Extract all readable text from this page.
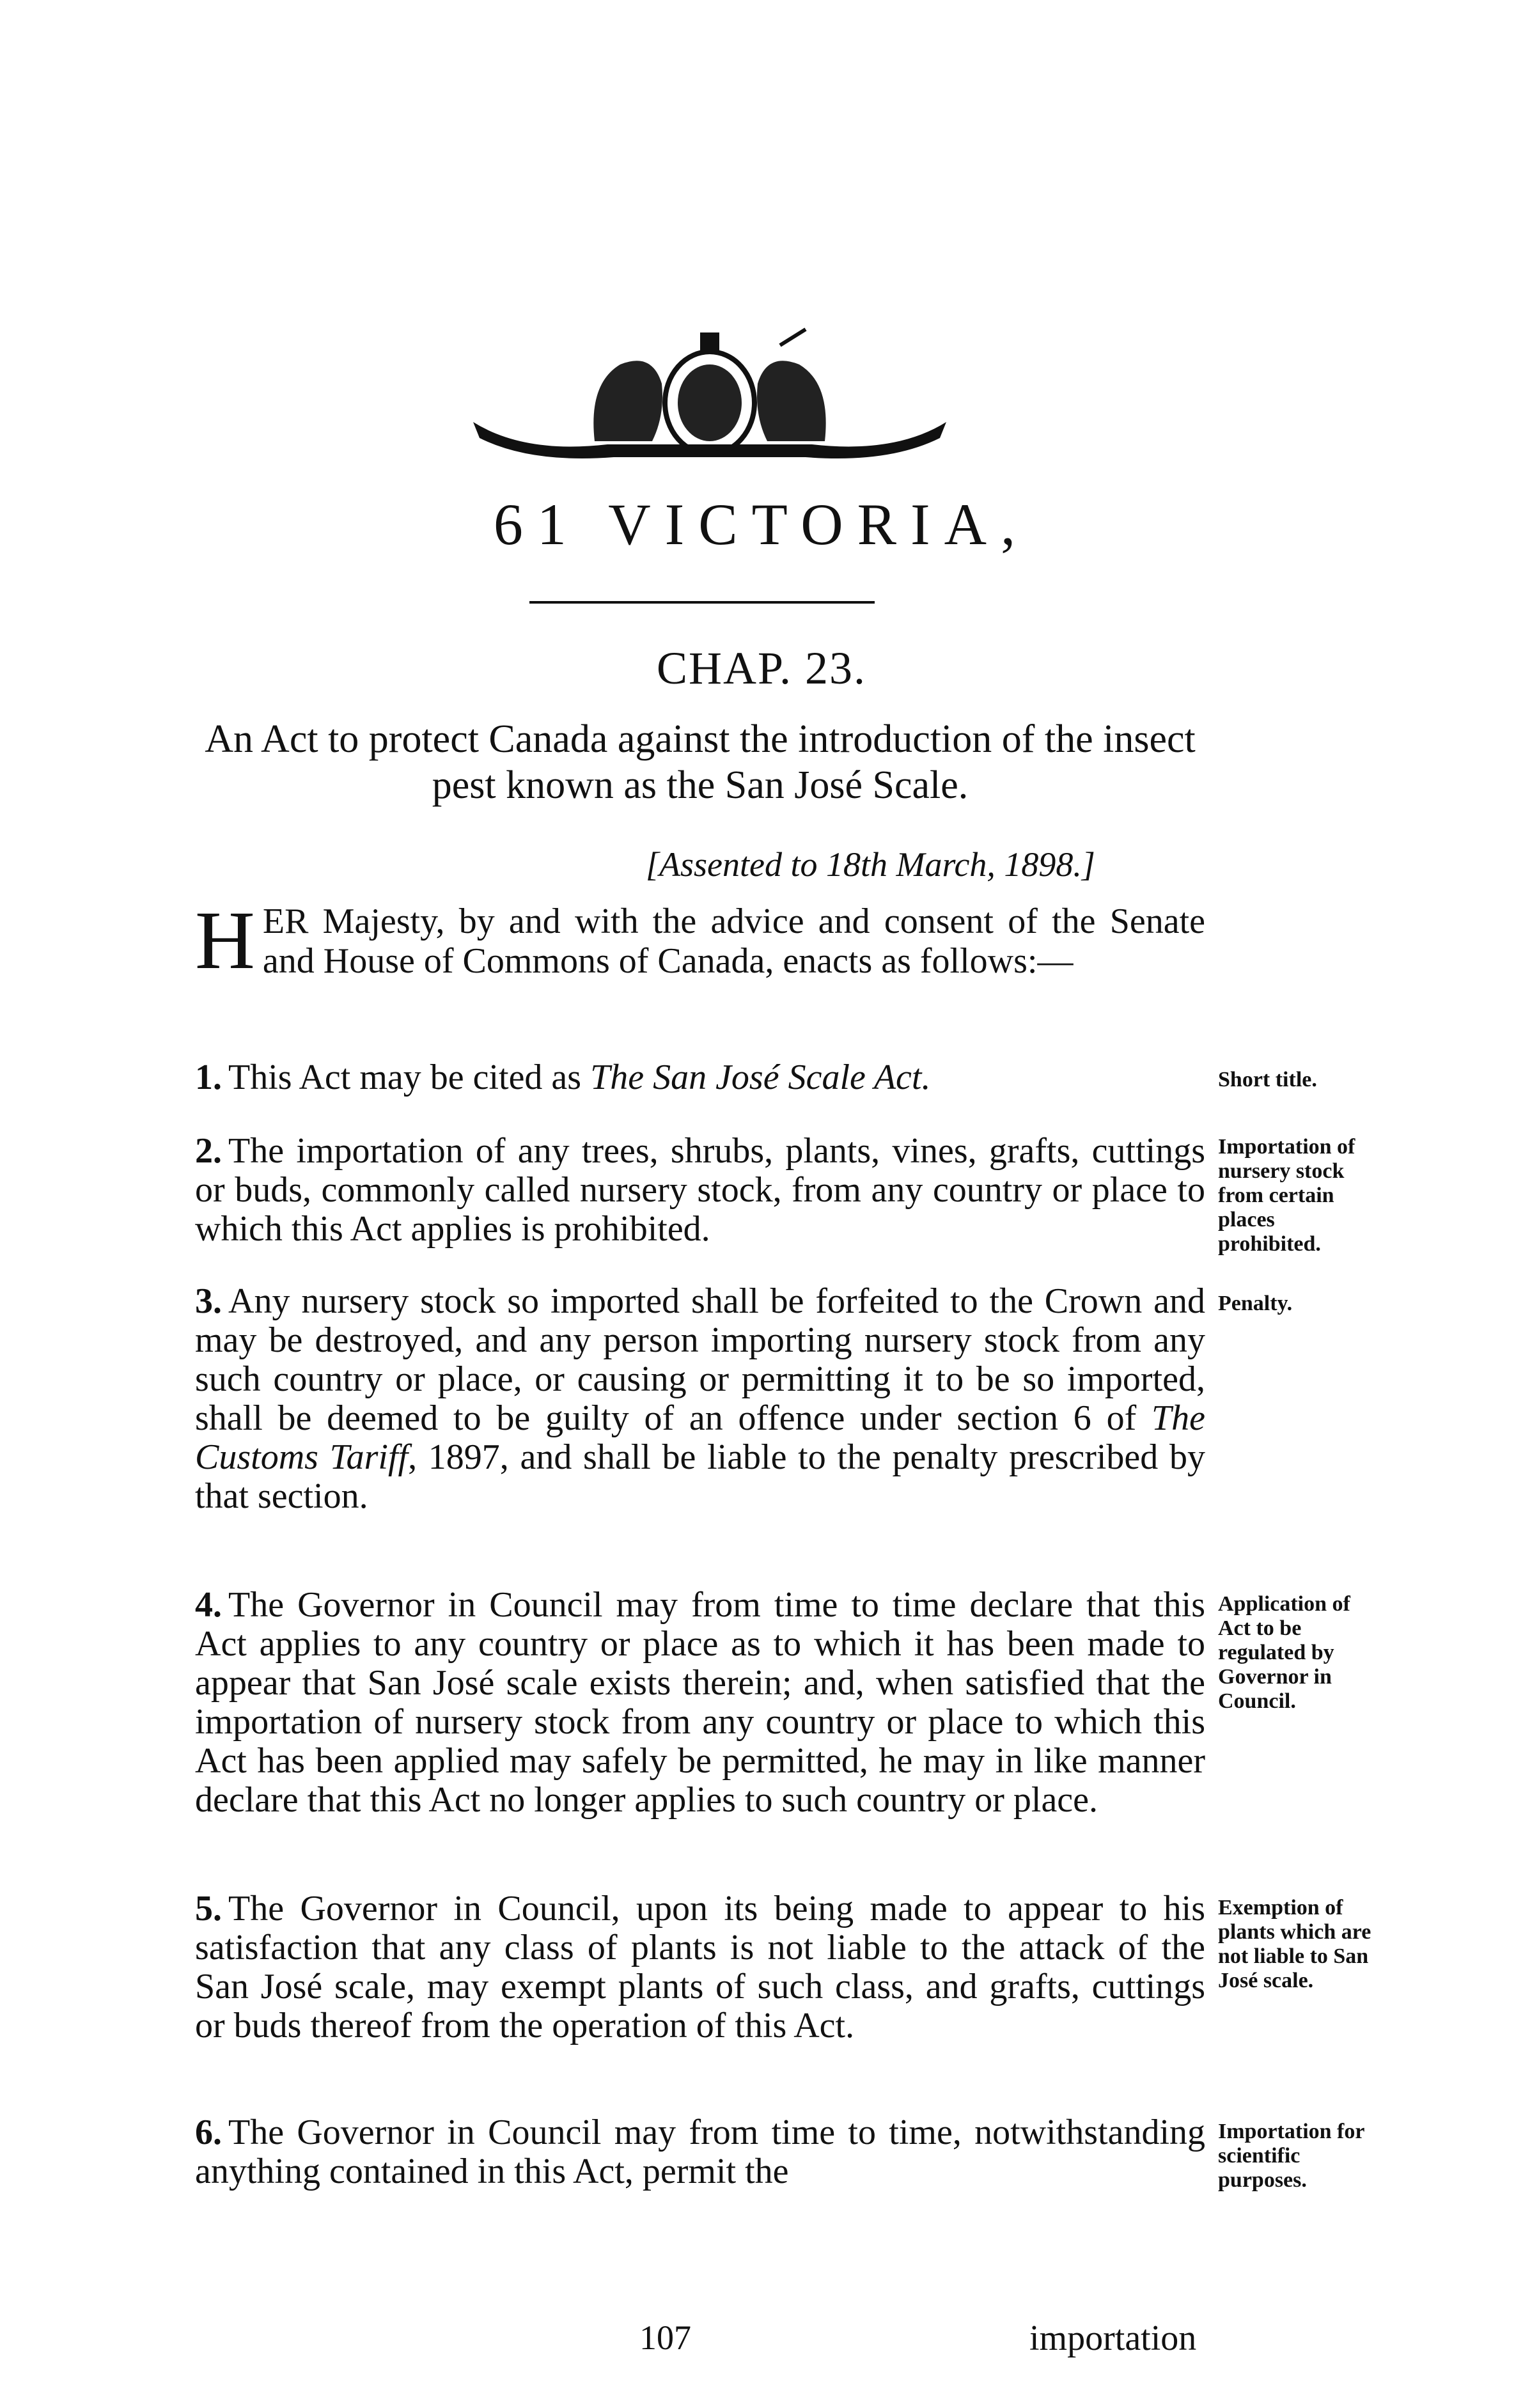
61 VICTORIA,
CHAP. 23.
An Act to protect Canada against the introduction of the insect pest known as the San José Scale.
[Assented to 18th March, 1898.]
HER Majesty, by and with the advice and consent of the Senate and House of Commons of Canada, enacts as follows:—
1. This Act may be cited as The San José Scale Act.	Short title.
2. The importation of any trees, shrubs, plants, vines, grafts, cuttings or buds, commonly called nursery stock, from any country or place to which this Act applies is prohibited.
Importation of nursery stock from certain places prohibited.
3. Any nursery stock so imported shall be forfeited to the Crown and may be destroyed, and any person importing nursery stock from any such country or place, or causing or permitting it to be so imported, shall be deemed to be guilty of an offence under section 6 of The Customs Tariff, 1897, and shall be liable to the penalty prescribed by that section.
Penalty.
4. The Governor in Council may from time to time declare that this Act applies to any country or place as to which it has been made to appear that San José scale exists therein; and, when satisfied that the importation of nursery stock from any country or place to which this Act has been applied may safely be permitted, he may in like manner declare that this Act no longer applies to such country or place.
Application of Act to be regulated by Governor in Council.
5. The Governor in Council, upon its being made to appear to his satisfaction that any class of plants is not liable to the attack of the San José scale, may exempt plants of such class, and grafts, cuttings or buds thereof from the operation of this Act.
Exemption of plants which are not liable to San José scale.
6. The Governor in Council may from time to time, notwithstanding anything contained in this Act, permit the
Importation for scientific purposes.
107	importation
